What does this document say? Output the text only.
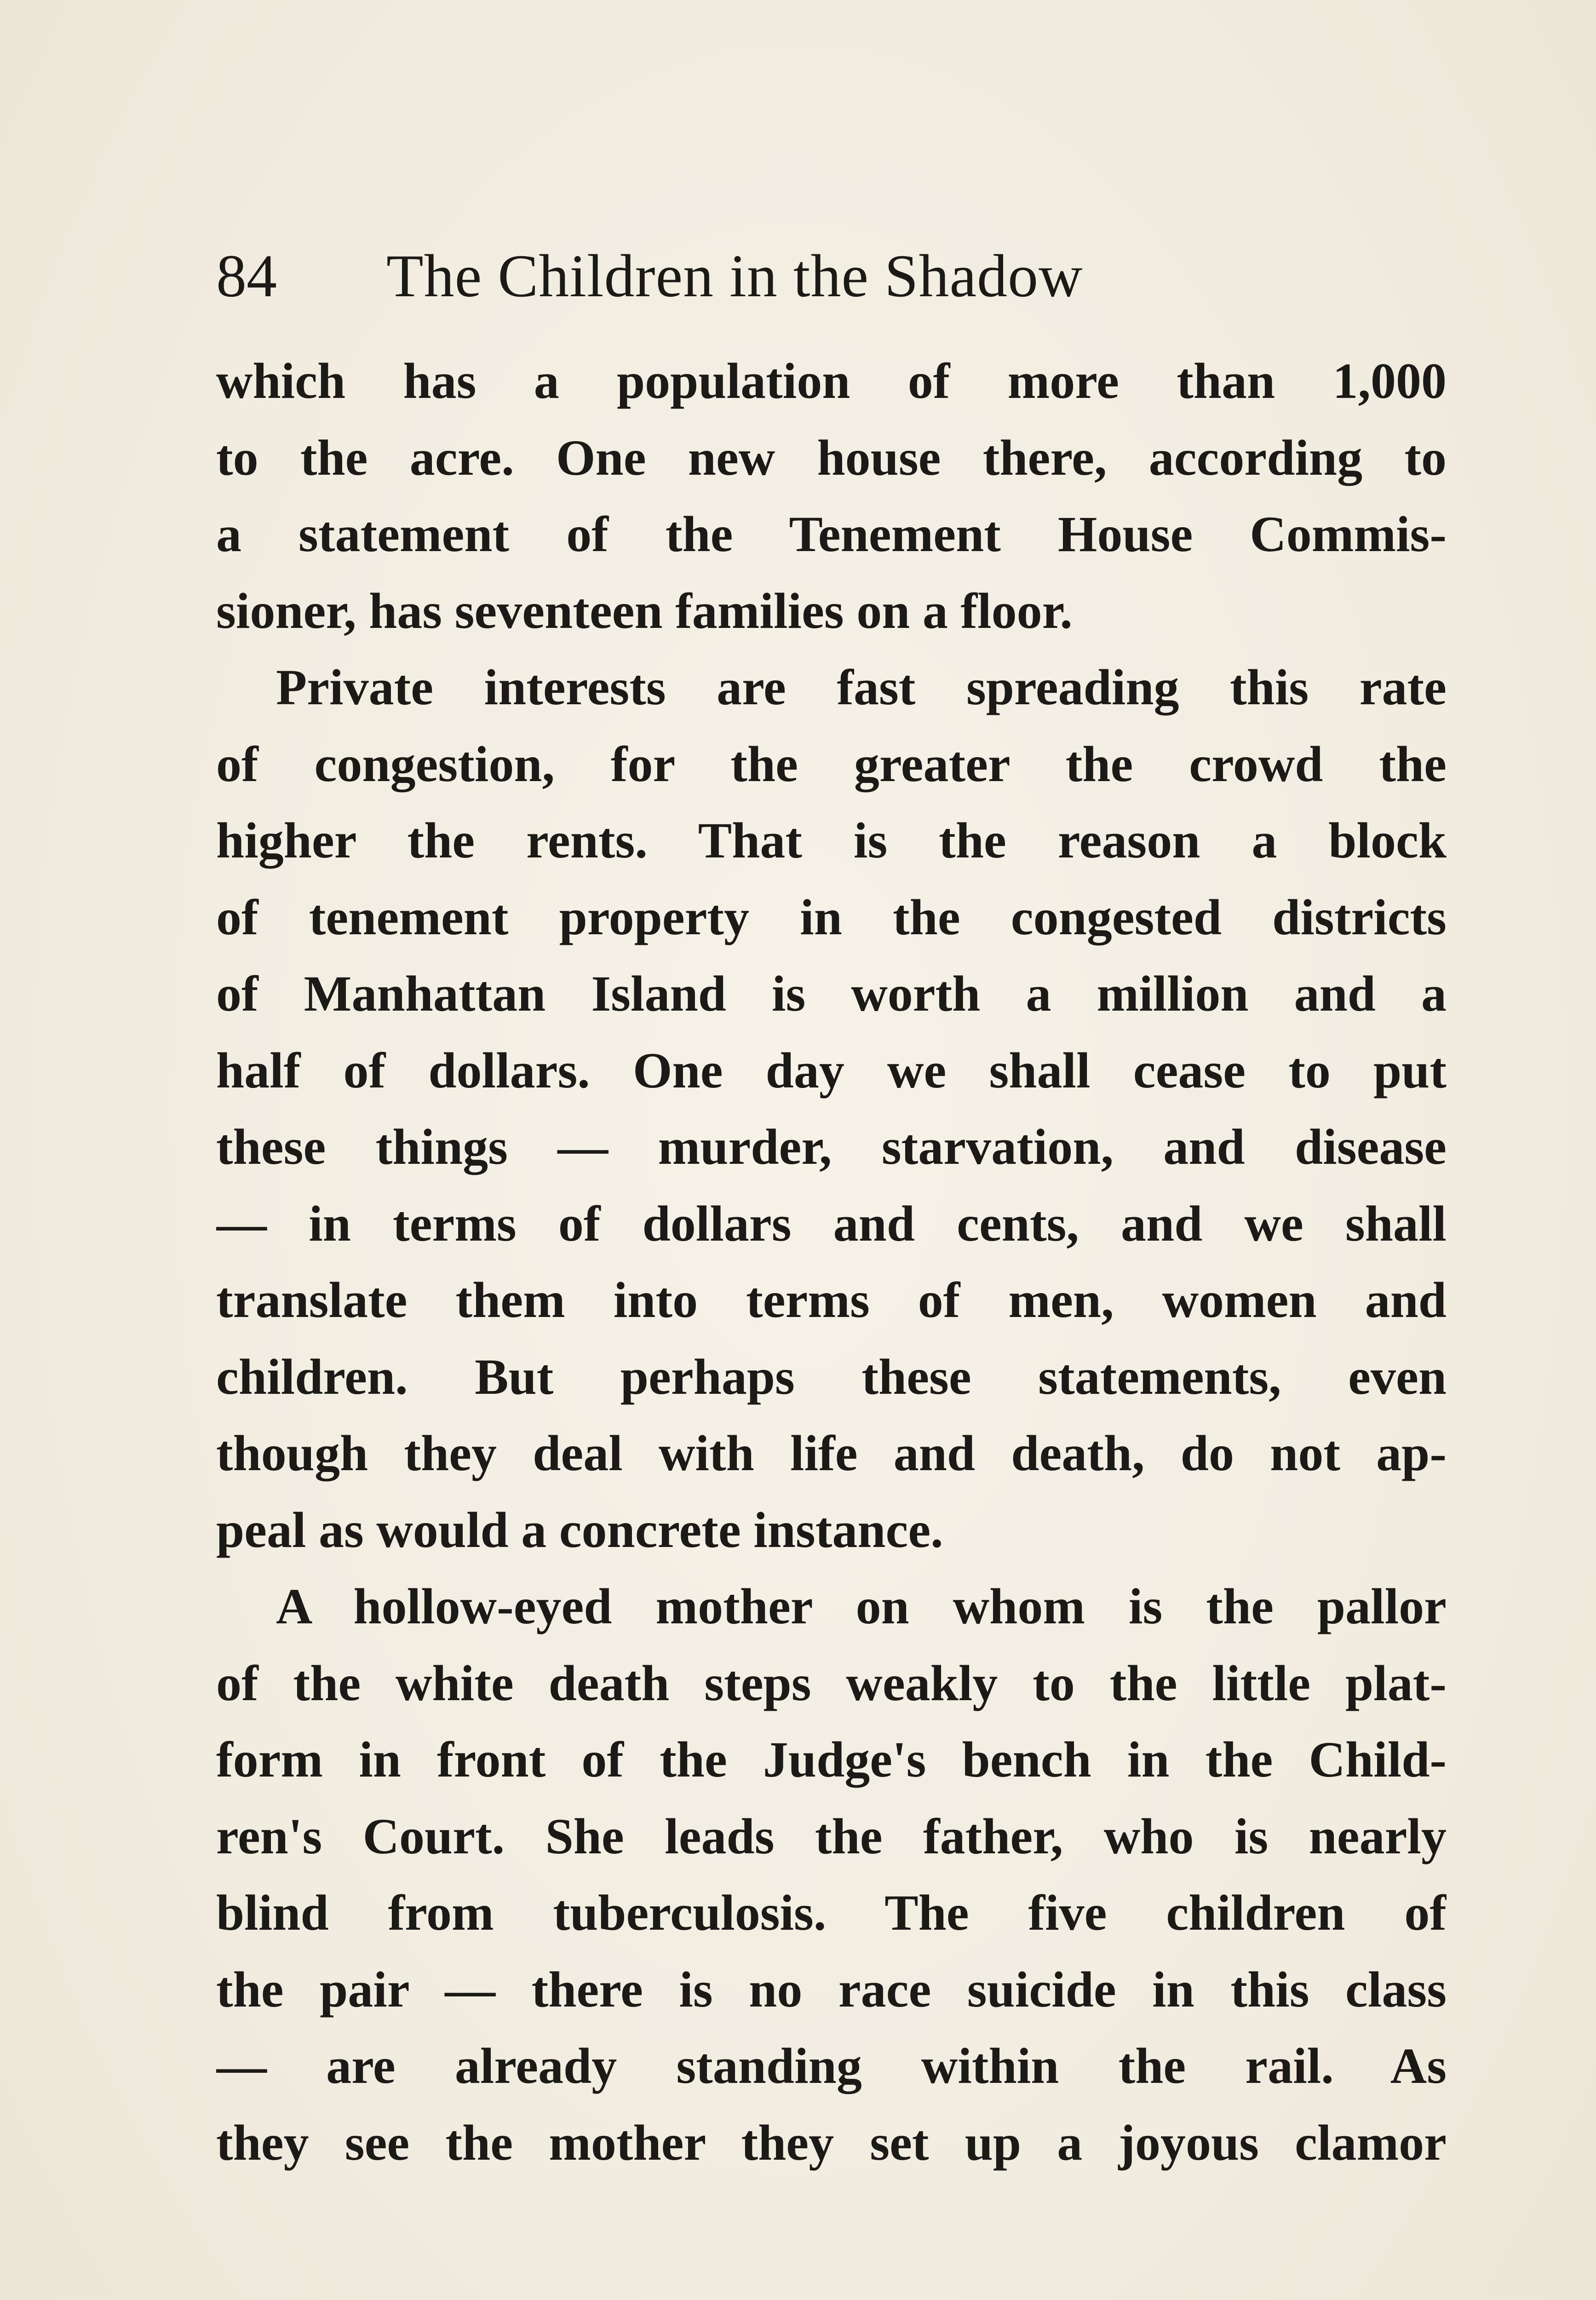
84 The Children in the Shadow
which has a population of more than 1,000
to the acre. One new house there, according to
a statement of the Tenement House Commis-
sioner, has seventeen families on a floor.
Private interests are fast spreading this rate
of congestion, for the greater the crowd the
higher the rents. That is the reason a block
of tenement property in the congested districts
of Manhattan Island is worth a million and a
half of dollars. One day we shall cease to put
these things — murder, starvation, and disease
— in terms of dollars and cents, and we shall
translate them into terms of men, women and
children. But perhaps these statements, even
though they deal with life and death, do not ap-
peal as would a concrete instance.
A hollow-eyed mother on whom is the pallor
of the white death steps weakly to the little plat-
form in front of the Judge's bench in the Child-
ren's Court. She leads the father, who is nearly
blind from tuberculosis. The five children of
the pair — there is no race suicide in this class
— are already standing within the rail. As
they see the mother they set up a joyous clamor
